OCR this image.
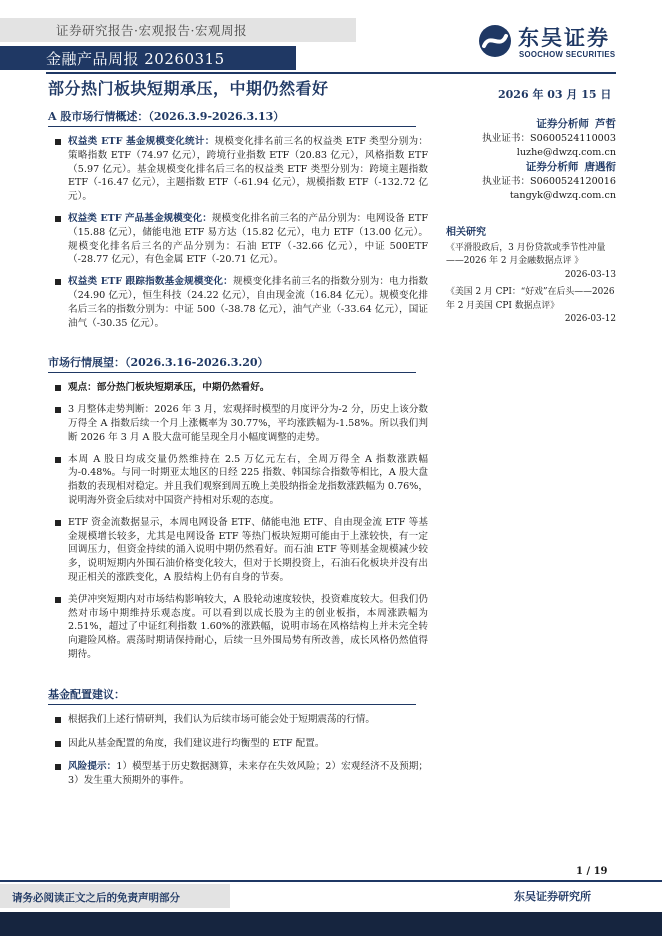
证券研究报告·宏观报告·宏观周报
金融产品周报 20260315
东吴证券
SOOCHOW SECURITIES
部分热门板块短期承压，中期仍然看好	2026 年 03 月 15 日
A 股市场行情概述：（2026.3.9-2026.3.13）
权益类 ETF 基金规模变化统计：规模变化排名前三名的权益类 ETF 类型分别为：策略指数 ETF（74.97 亿元），跨境行业指数 ETF（20.83 亿元），风格指数 ETF（5.97 亿元）。基金规模变化排名后三名的权益类 ETF 类型分别为：跨境主题指数 ETF（-16.47 亿元），主题指数 ETF（-61.94 亿元），规模指数 ETF（-132.72 亿元）。
权益类 ETF 产品基金规模变化：规模变化排名前三名的产品分别为：电网设备 ETF（15.88 亿元），储能电池 ETF 易方达（15.82 亿元），电力 ETF（13.00 亿元）。规模变化排名后三名的产品分别为：石油 ETF（-32.66 亿元），中证 500ETF（-28.77 亿元），有色金属 ETF（-20.71 亿元）。
权益类 ETF 跟踪指数基金规模变化：规模变化排名前三名的指数分别为：电力指数（24.90 亿元），恒生科技（24.22 亿元），自由现金流（16.84 亿元）。规模变化排名后三名的指数分别为：中证 500（-38.78 亿元），油气产业（-33.64 亿元），国证油气（-30.35 亿元）。
市场行情展望：（2026.3.16-2026.3.20）
观点：部分热门板块短期承压，中期仍然看好。
3 月整体走势判断：2026 年 3 月，宏观择时模型的月度评分为-2 分，历史上该分数万得全 A 指数后续一个月上涨概率为 30.77%，平均涨跌幅为-1.58%。所以我们判断 2026 年 3 月 A 股大盘可能呈现全月小幅度调整的走势。
本周 A 股日均成交量仍然维持在 2.5 万亿元左右，全周万得全 A 指数涨跌幅为-0.48%。与同一时期亚太地区的日经 225 指数、韩国综合指数等相比，A 股大盘指数的表现相对稳定。并且我们观察到周五晚上美股纳指金龙指数涨跌幅为 0.76%，说明海外资金后续对中国资产持相对乐观的态度。
ETF 资金流数据显示，本周电网设备 ETF、储能电池 ETF、自由现金流 ETF 等基金规模增长较多，尤其是电网设备 ETF 等热门板块短期可能由于上涨较快，有一定回调压力，但资金持续的涌入说明中期仍然看好。而石油 ETF 等则基金规模减少较多，说明短期内外围石油价格变化较大，但对于长期投资上，石油石化板块并没有出现正相关的涨跌变化，A 股结构上仍有自身的节奏。
美伊冲突短期内对市场结构影响较大，A 股轮动速度较快，投资难度较大。但我们仍然对市场中期维持乐观态度。可以看到以成长股为主的创业板指，本周涨跌幅为 2.51%，超过了中证红利指数 1.60%的涨跌幅，说明市场在风格结构上并未完全转向避险风格。震荡时期请保持耐心，后续一旦外围局势有所改善，成长风格仍然值得期待。
基金配置建议：
根据我们上述行情研判，我们认为后续市场可能会处于短期震荡的行情。
因此从基金配置的角度，我们建议进行均衡型的 ETF 配置。
风险提示：1）模型基于历史数据测算，未来存在失效风险；2）宏观经济不及预期；3）发生重大预期外的事件。
证券分析师 芦哲
执业证书：S0600524110003
luzhe@dwzq.com.cn
证券分析师 唐遇衔
执业证书：S0600524120016
tangyk@dwzq.com.cn
相关研究
《平滑股政后，3 月份贷款或季节性冲量——2026 年 2 月金融数据点评 》
2026-03-13
《美国 2 月 CPI：“好戏”在后头——2026 年 2 月美国 CPI 数据点评》
2026-03-12
1 / 19
请务必阅读正文之后的免责声明部分	东吴证券研究所
